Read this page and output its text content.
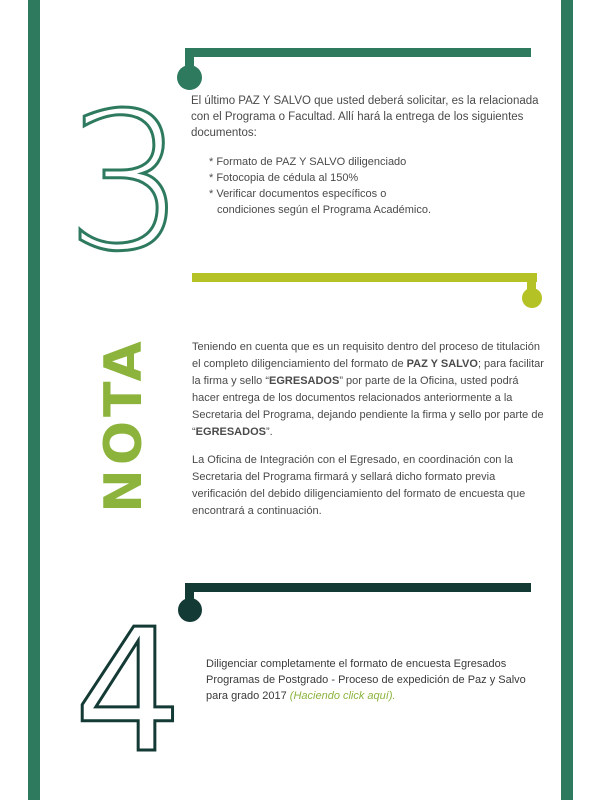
3 El último PAZ Y SALVO que usted deberá solicitar, es la relacionada con el Programa o Facultad. Allí hará la entrega de los siguientes documentos:

* Formato de PAZ Y SALVO diligenciado
* Fotocopia de cédula al 150%
* Verificar documentos específicos o
condiciones según el Programa Académico.
NOTA	Teniendo en cuenta que es un requisito dentro del proceso de titulación el completo diligenciamiento del formato de PAZ Y SALVO; para facilitar la firma y sello “EGRESADOS” por parte de la Oficina, usted podrá hacer entrega de los documentos relacionados anteriormente a la Secretaria del Programa, dejando pendiente la firma y sello por parte de “EGRESADOS”.

La Oficina de Integración con el Egresado, en coordinación con la Secretaria del Programa firmará y sellará dicho formato previa verificación del debido diligenciamiento del formato de encuesta que encontrará a continuación.

4 Diligenciar completamente el formato de encuesta Egresados Programas de Postgrado - Proceso de expedición de Paz y Salvo para grado 2017 (Haciendo click aquí).
